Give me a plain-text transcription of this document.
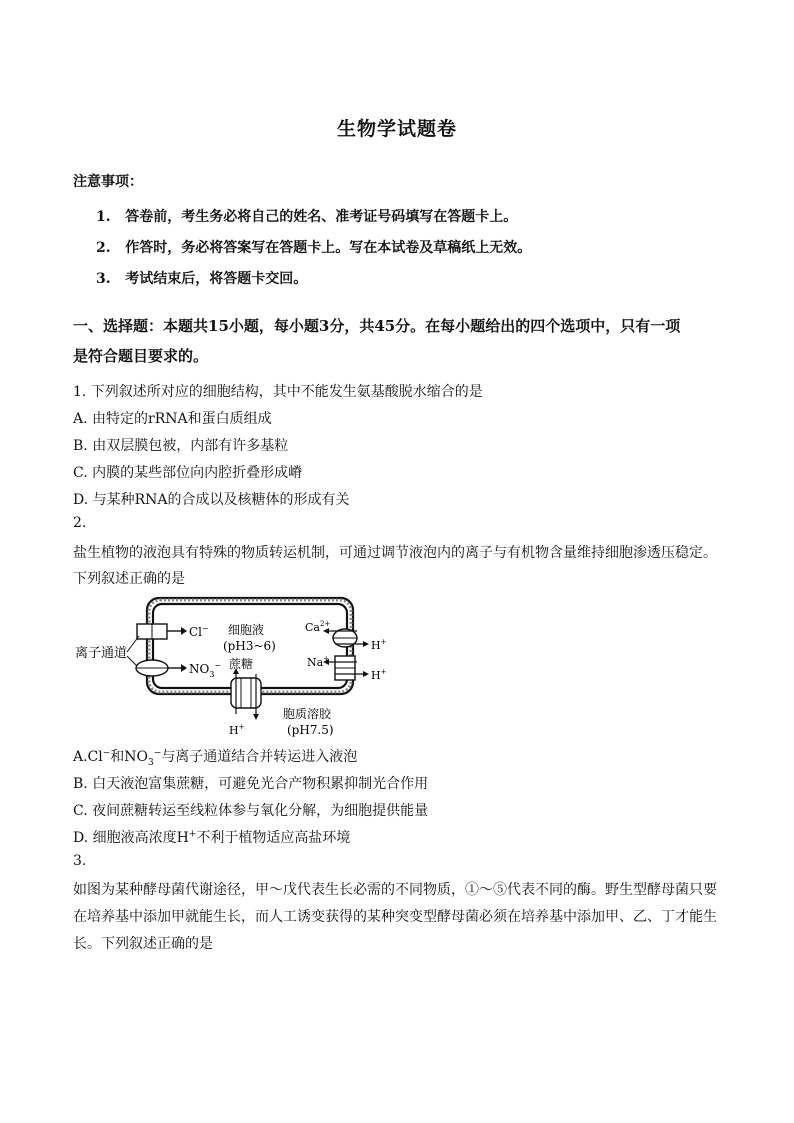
生物学试题卷
注意事项：
1. 答卷前，考生务必将自己的姓名、准考证号码填写在答题卡上。
2. 作答时，务必将答案写在答题卡上。写在本试卷及草稿纸上无效。
3. 考试结束后，将答题卡交回。
一、选择题：本题共15小题，每小题3分，共45分。在每小题给出的四个选项中，只有一项
是符合题目要求的。
1. 下列叙述所对应的细胞结构，其中不能发生氨基酸脱水缩合的是
A. 由特定的rRNA和蛋白质组成
B. 由双层膜包被，内部有许多基粒
C. 内膜的某些部位向内腔折叠形成嵴
D. 与某种RNA的合成以及核糖体的形成有关
2.
盐生植物的液泡具有特殊的物质转运机制，可通过调节液泡内的离子与有机物含量维持细胞渗透压稳定。
下列叙述正确的是
Cl−
$NO_3^-$
离子通道
细胞液
(pH3~6)
$Ca^{2+}$
H+
Na+
H+
蔗糖
H+
胞质溶胶
(pH7.5)
A.Cl−和$NO_3^-$与离子通道结合并转运进入液泡
B. 白天液泡富集蔗糖，可避免光合产物积累抑制光合作用
C. 夜间蔗糖转运至线粒体参与氧化分解，为细胞提供能量
D. 细胞液高浓度H+不利于植物适应高盐环境
3.
如图为某种酵母菌代谢途径，甲～戊代表生长必需的不同物质，①～⑤代表不同的酶。野生型酵母菌只要
在培养基中添加甲就能生长，而人工诱变获得的某种突变型酵母菌必须在培养基中添加甲、乙、丁才能生
长。下列叙述正确的是
